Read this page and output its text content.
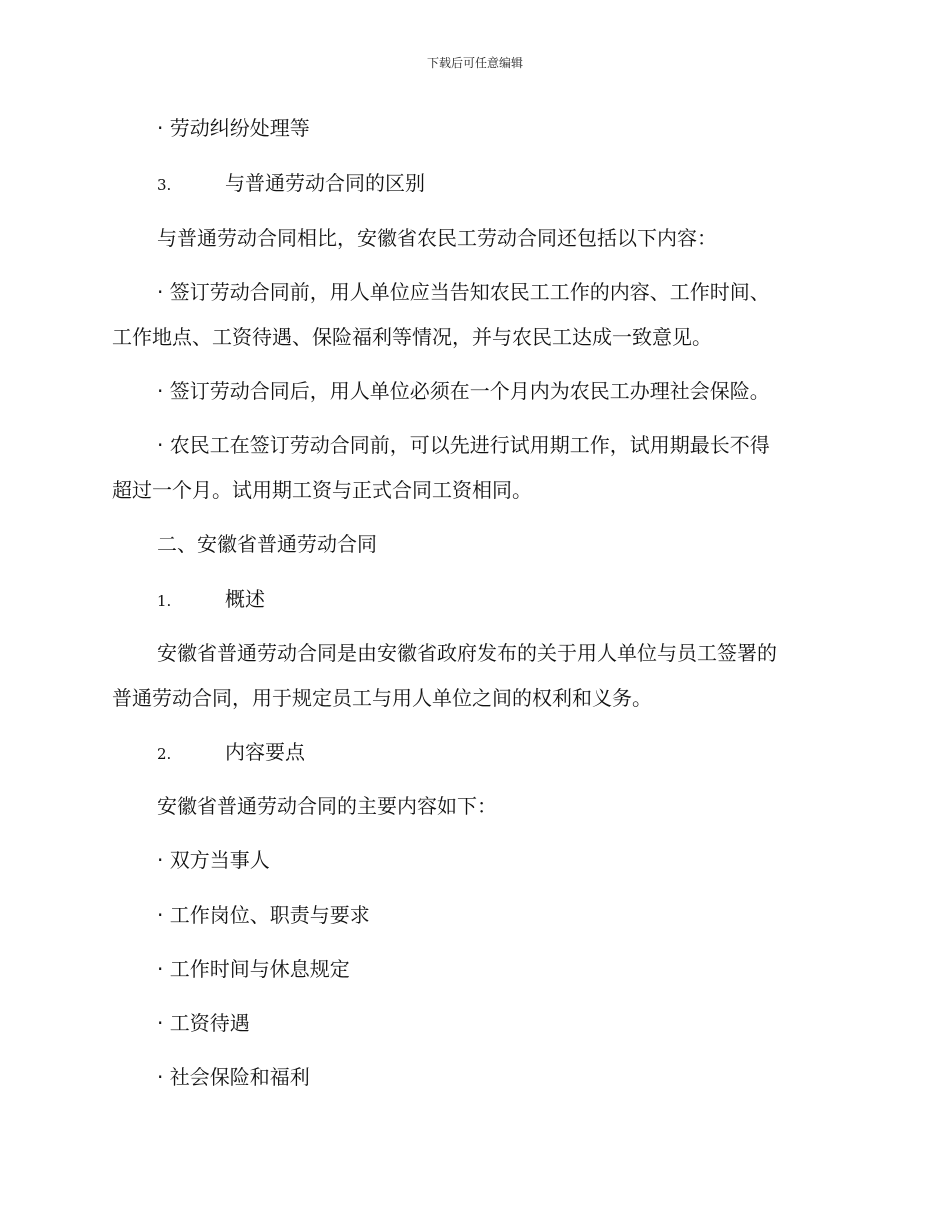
下载后可任意编辑
· 劳动纠纷处理等
3.	与普通劳动合同的区别
与普通劳动合同相比，安徽省农民工劳动合同还包括以下内容：
· 签订劳动合同前，用人单位应当告知农民工工作的内容、工作时间、
工作地点、工资待遇、保险福利等情况，并与农民工达成一致意见。
· 签订劳动合同后，用人单位必须在一个月内为农民工办理社会保险。
· 农民工在签订劳动合同前，可以先进行试用期工作，试用期最长不得
超过一个月。试用期工资与正式合同工资相同。
二、安徽省普通劳动合同
1.	概述
安徽省普通劳动合同是由安徽省政府发布的关于用人单位与员工签署的
普通劳动合同，用于规定员工与用人单位之间的权利和义务。
2.	内容要点
安徽省普通劳动合同的主要内容如下：
· 双方当事人
· 工作岗位、职责与要求
· 工作时间与休息规定
· 工资待遇
· 社会保险和福利
